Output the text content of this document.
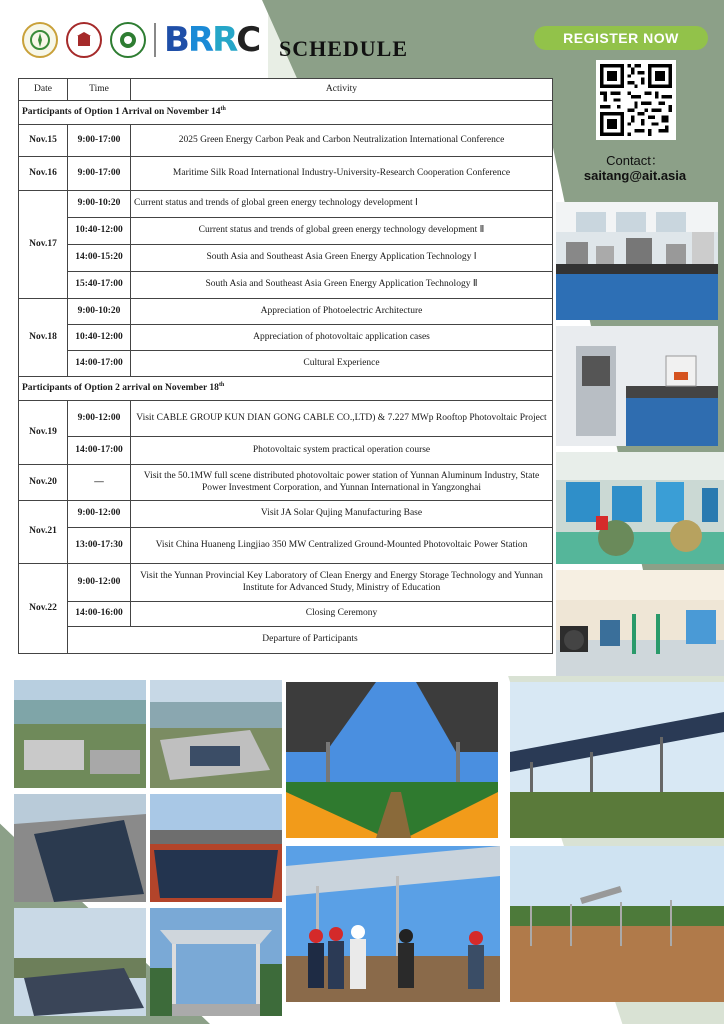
BRRC SCHEDULE	REGISTER NOW
Contact：
saitang@ait.asia
Date	Time	Activity
Participants of Option 1 Arrival on November 14th
Nov.15	9:00-17:00	2025 Green Energy Carbon Peak and Carbon Neutralization International Conference
Nov.16	9:00-17:00	Maritime Silk Road International Industry-University-Research Cooperation Conference
Nov.17	9:00-10:20	Current status and trends of global green energy technology development Ⅰ
	10:40-12:00	Current status and trends of global green energy technology development Ⅱ
	14:00-15:20	South Asia and Southeast Asia Green Energy Application Technology Ⅰ
	15:40-17:00	South Asia and Southeast Asia Green Energy Application Technology Ⅱ
Nov.18	9:00-10:20	Appreciation of Photoelectric Architecture
	10:40-12:00	Appreciation of photovoltaic application cases
	14:00-17:00	Cultural Experience
Participants of Option 2 arrival on November 18th
Nov.19	9:00-12:00	Visit CABLE GROUP KUN DIAN GONG CABLE CO.,LTD) & 7.227 MWp Rooftop Photovoltaic Project
	14:00-17:00	Photovoltaic system practical operation course
Nov.20	—	Visit the 50.1MW full scene distributed photovoltaic power station of Yunnan Aluminum Industry, State Power Investment Corporation, and Yunnan International in Yangzonghai
Nov.21	9:00-12:00	Visit JA Solar Qujing Manufacturing Base
	13:00-17:30	Visit China Huaneng Lingjiao 350 MW Centralized Ground-Mounted Photovoltaic Power Station
Nov.22	9:00-12:00	Visit the Yunnan Provincial Key Laboratory of Clean Energy and Energy Storage Technology and Yunnan Institute for Advanced Study, Ministry of Education
	14:00-16:00	Closing Ceremony
	Departure of Participants	
